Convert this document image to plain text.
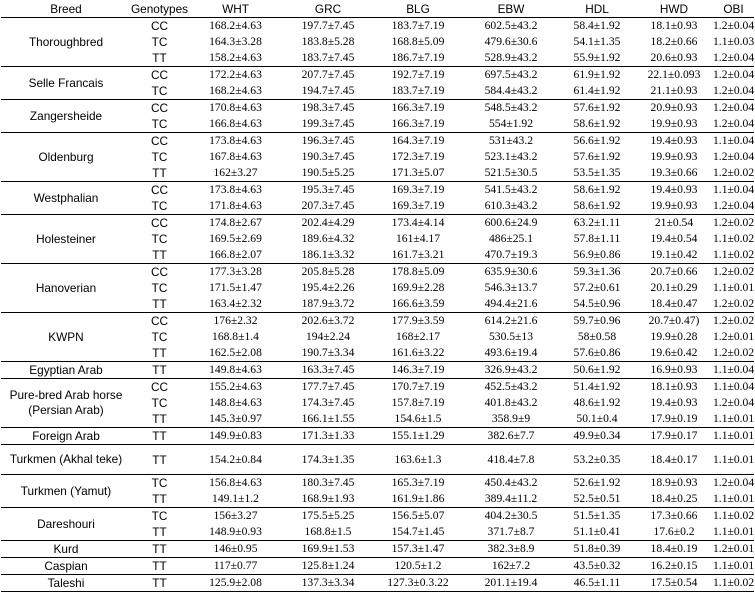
Breed	Genotypes	WHT	GRC	BLG	EBW	HDL	HWD	OBI
Thoroughbred	CC	168.2±4.63	197.7±7.45	183.7±7.19	602.5±43.2	58.4±1.92	18.1±0.93	1.2±0.04
	TC	164.3±3.28	183.8±5.28	168.8±5.09	479.6±30.6	54.1±1.35	18.2±0.66	1.1±0.03
	TT	158.2±4.63	183.7±7.45	186.7±7.19	528.9±43.2	55.9±1.92	20.6±0.93	1.2±0.04
Selle Francais	CC	172.2±4.63	207.7±7.45	192.7±7.19	697.5±43.2	61.9±1.92	22.1±0.093	1.2±0.04
	TC	168.2±4.63	194.7±7.45	183.7±7.19	584.4±43.2	61.4±1.92	21.1±0.93	1.2±0.04
Zangersheide	CC	170.8±4.63	198.3±7.45	166.3±7.19	548.5±43.2	57.6±1.92	20.9±0.93	1.2±0.04
	TC	166.8±4.63	199.3±7.45	166.3±7.19	554±1.92	58.6±1.92	19.9±0.93	1.2±0.04
Oldenburg	CC	173.8±4.63	196.3±7.45	164.3±7.19	531±43.2	56.6±1.92	19.4±0.93	1.1±0.04
	TC	167.8±4.63	190.3±7.45	172.3±7.19	523.1±43.2	57.6±1.92	19.9±0.93	1.2±0.04
	TT	162±3.27	190.5±5.25	171.3±5.07	521.5±30.5	53.5±1.35	19.3±0.66	1.2±0.02
Westphalian	CC	173.8±4.63	195.3±7.45	169.3±7.19	541.5±43.2	58.6±1.92	19.4±0.93	1.1±0.04
	TC	171.8±4.63	207.3±7.45	169.3±7.19	610.3±43.2	58.6±1.92	19.9±0.93	1.2±0.04
Holesteiner	CC	174.8±2.67	202.4±4.29	173.4±4.14	600.6±24.9	63.2±1.11	21±0.54	1.2±0.02
	TC	169.5±2.69	189.6±4.32	161±4.17	486±25.1	57.8±1.11	19.4±0.54	1.1±0.02
	TT	166.8±2.07	186.1±3.32	161.7±3.21	470.7±19.3	56.9±0.86	19.1±0.42	1.1±0.02
Hanoverian	CC	177.3±3.28	205.8±5.28	178.8±5.09	635.9±30.6	59.3±1.36	20.7±0.66	1.2±0.02
	TC	171.5±1.47	195.4±2.26	169.9±2.28	546.3±13.7	57.2±0.61	20.1±0.29	1.1±0.01
	TT	163.4±2.32	187.9±3.72	166.6±3.59	494.4±21.6	54.5±0.96	18.4±0.47	1.2±0.02
KWPN	CC	176±2.32	202.6±3.72	177.9±3.59	614.2±21.6	59.7±0.96	20.7±0.47)	1.2±0.02
	TC	168.8±1.4	194±2.24	168±2.17	530.5±13	58±0.58	19.9±0.28	1.2±0.01
	TT	162.5±2.08	190.7±3.34	161.6±3.22	493.6±19.4	57.6±0.86	19.6±0.42	1.2±0.02
Egyptian Arab	TT	149.8±4.63	163.3±7.45	146.3±7.19	326.9±43.2	50.6±1.92	16.9±0.93	1.1±0.04
Pure-bred Arab horse (Persian Arab)	CC	155.2±4.63	177.7±7.45	170.7±7.19	452.5±43.2	51.4±1.92	18.1±0.93	1.1±0.04
	TC	148.8±4.63	174.3±7.45	157.8±7.19	401.8±43.2	48.6±1.92	19.4±0.93	1.2±0.04
	TT	145.3±0.97	166.1±1.55	154.6±1.5	358.9±9	50.1±0.4	17.9±0.19	1.1±0.01
Foreign Arab	TT	149.9±0.83	171.3±1.33	155.1±1.29	382.6±7.7	49.9±0.34	17.9±0.17	1.1±0.01
Turkmen (Akhal teke)	TT	154.2±0.84	174.3±1.35	163.6±1.3	418.4±7.8	53.2±0.35	18.4±0.17	1.1±0.01
Turkmen (Yamut)	TC	156.8±4.63	180.3±7.45	165.3±7.19	450.4±43.2	52.6±1.92	18.9±0.93	1.2±0.04
	TT	149.1±1.2	168.9±1.93	161.9±1.86	389.4±11.2	52.5±0.51	18.4±0.25	1.1±0.01
Dareshouri	TC	156±3.27	175.5±5.25	156.5±5.07	404.2±30.5	51.5±1.35	17.3±0.66	1.1±0.02
	TT	148.9±0.93	168.8±1.5	154.7±1.45	371.7±8.7	51.1±0.41	17.6±0.2	1.1±0.01
Kurd	TT	146±0.95	169.9±1.53	157.3±1.47	382.3±8.9	51.8±0.39	18.4±0.19	1.2±0.01
Caspian	TT	117±0.77	125.8±1.24	120.5±1.2	162±7.2	43.5±0.32	16.2±0.15	1.1±0.01
Taleshi	TT	125.9±2.08	137.3±3.34	127.3±0.3.22	201.1±19.4	46.5±1.11	17.5±0.54	1.1±0.02
